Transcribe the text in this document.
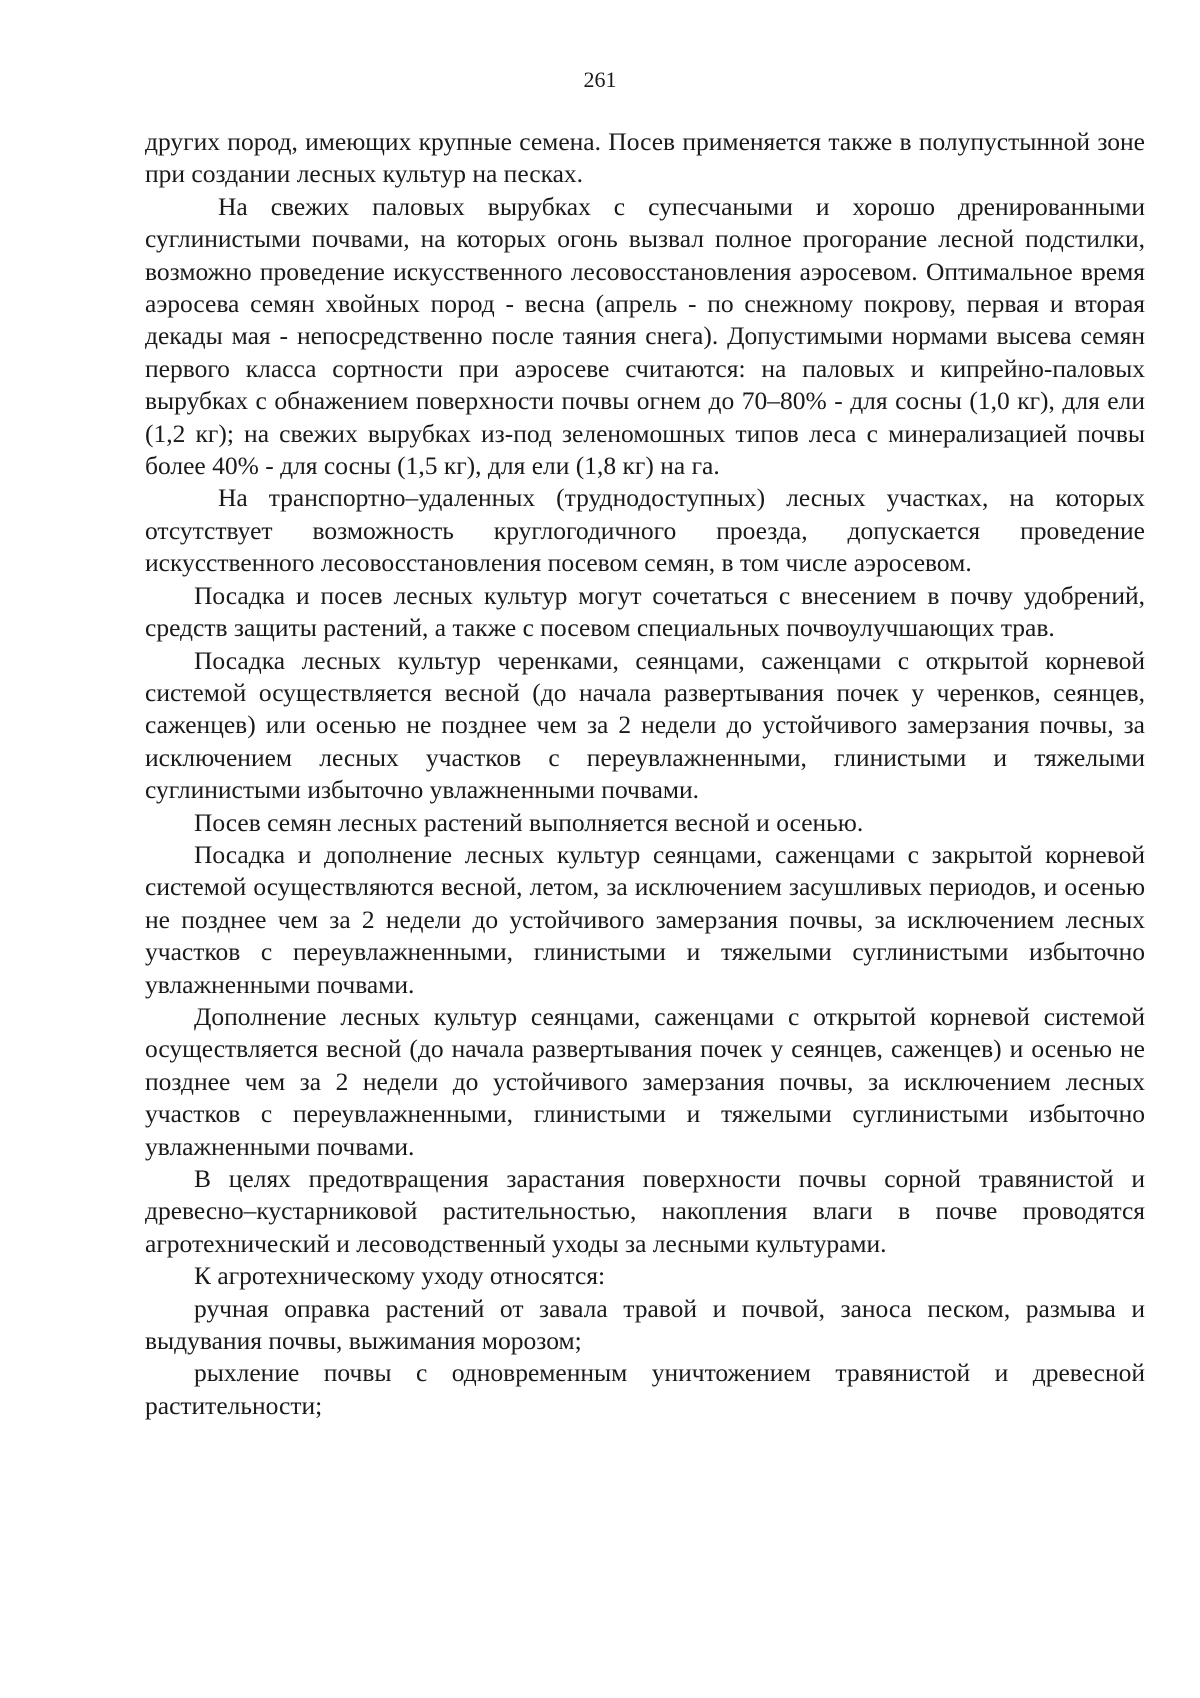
261

других пород, имеющих крупные семена. Посев применяется также в полупустынной зоне при создании лесных культур на песках.

На свежих паловых вырубках с супесчаными и хорошо дренированными суглинистыми почвами, на которых огонь вызвал полное прогорание лесной подстилки, возможно проведение искусственного лесовосстановления аэросевом. Оптимальное время аэросева семян хвойных пород - весна (апрель - по снежному покрову, первая и вторая декады мая - непосредственно после таяния снега). Допустимыми нормами высева семян первого класса сортности при аэросеве считаются: на паловых и кипрейно-паловых вырубках с обнажением поверхности почвы огнем до 70–80% - для сосны (1,0 кг), для ели (1,2 кг); на свежих вырубках из-под зеленомошных типов леса с минерализацией почвы более 40% - для сосны (1,5 кг), для ели (1,8 кг) на га.

На транспортно–удаленных (труднодоступных) лесных участках, на которых отсутствует возможность круглогодичного проезда, допускается проведение искусственного лесовосстановления посевом семян, в том числе аэросевом.

Посадка и посев лесных культур могут сочетаться с внесением в почву удобрений, средств защиты растений, а также с посевом специальных почвоулучшающих трав.

Посадка лесных культур черенками, сеянцами, саженцами с открытой корневой системой осуществляется весной (до начала развертывания почек у черенков, сеянцев, саженцев) или осенью не позднее чем за 2 недели до устойчивого замерзания почвы, за исключением лесных участков с переувлажненными, глинистыми и тяжелыми суглинистыми избыточно увлажненными почвами.

Посев семян лесных растений выполняется весной и осенью.

Посадка и дополнение лесных культур сеянцами, саженцами с закрытой корневой системой осуществляются весной, летом, за исключением засушливых периодов, и осенью не позднее чем за 2 недели до устойчивого замерзания почвы, за исключением лесных участков с переувлажненными, глинистыми и тяжелыми суглинистыми избыточно увлажненными почвами.

Дополнение лесных культур сеянцами, саженцами с открытой корневой системой осуществляется весной (до начала развертывания почек у сеянцев, саженцев) и осенью не позднее чем за 2 недели до устойчивого замерзания почвы, за исключением лесных участков с переувлажненными, глинистыми и тяжелыми суглинистыми избыточно увлажненными почвами.

В целях предотвращения зарастания поверхности почвы сорной травянистой и древесно–кустарниковой растительностью, накопления влаги в почве проводятся агротехнический и лесоводственный уходы за лесными культурами.

К агротехническому уходу относятся:

ручная оправка растений от завала травой и почвой, заноса песком, размыва и выдувания почвы, выжимания морозом;

рыхление почвы с одновременным уничтожением травянистой и древесной растительности;
